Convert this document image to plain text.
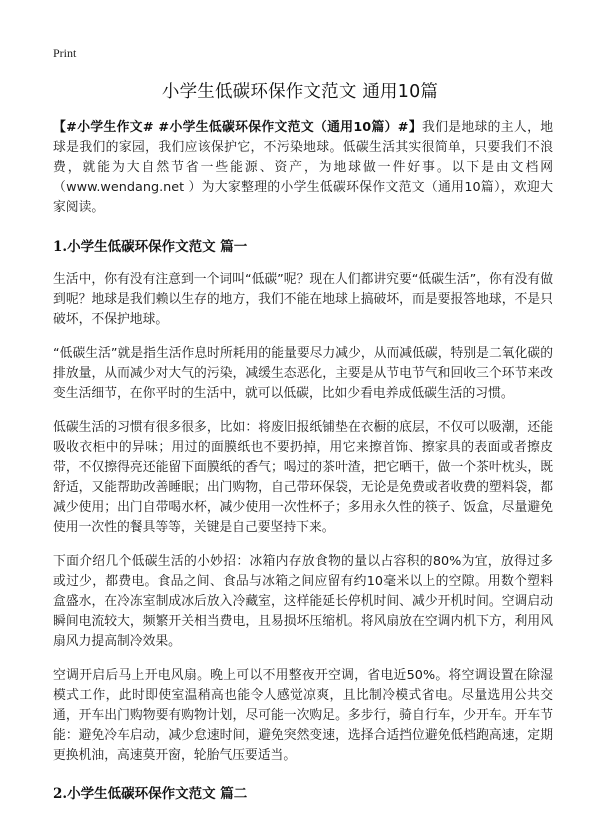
Print
小学生低碳环保作文范文 通用10篇

【#小学生作文# #小学生低碳环保作文范文（通用10篇）#】我们是地球的主人，地球是我们的家园，我们应该保护它，不污染地球。低碳生活其实很简单，只要我们不浪费，就能为大自然节省一些能源、资产，为地球做一件好事。以下是由文档网（www.wendang.net ）为大家整理的小学生低碳环保作文范文（通用10篇），欢迎大家阅读。

1.小学生低碳环保作文范文 篇一

生活中，你有没有注意到一个词叫“低碳”呢？现在人们都讲究要“低碳生活”，你有没有做到呢？地球是我们赖以生存的地方，我们不能在地球上搞破坏，而是要报答地球，不是只破坏，不保护地球。

“低碳生活”就是指生活作息时所耗用的能量要尽力减少，从而减低碳，特别是二氧化碳的排放量，从而减少对大气的污染，减缓生态恶化，主要是从节电节气和回收三个环节来改变生活细节，在你平时的生活中，就可以低碳，比如少看电养成低碳生活的习惯。

低碳生活的习惯有很多很多，比如：将废旧报纸铺垫在衣橱的底层，不仅可以吸潮，还能吸收衣柜中的异味；用过的面膜纸也不要扔掉，用它来擦首饰、擦家具的表面或者擦皮带，不仅擦得亮还能留下面膜纸的香气；喝过的茶叶渣，把它晒干，做一个茶叶枕头，既舒适，又能帮助改善睡眠；出门购物，自己带环保袋，无论是免费或者收费的塑料袋，都减少使用；出门自带喝水杯，减少使用一次性杯子；多用永久性的筷子、饭盒，尽量避免使用一次性的餐具等等，关键是自己要坚持下来。

下面介绍几个低碳生活的小妙招：冰箱内存放食物的量以占容积的80%为宜，放得过多或过少，都费电。食品之间、食品与冰箱之间应留有约10毫米以上的空隙。用数个塑料盒盛水，在冷冻室制成冰后放入冷藏室，这样能延长停机时间、减少开机时间。空调启动瞬间电流较大，频繁开关相当费电，且易损坏压缩机。将风扇放在空调内机下方，利用风扇风力提高制冷效果。

空调开启后马上开电风扇。晚上可以不用整夜开空调，省电近50%。将空调设置在除湿模式工作，此时即使室温稍高也能令人感觉凉爽，且比制冷模式省电。尽量选用公共交通，开车出门购物要有购物计划，尽可能一次购足。多步行，骑自行车，少开车。开车节能：避免冷车启动，减少怠速时间，避免突然变速，选择合适挡位避免低档跑高速，定期更换机油，高速莫开窗，轮胎气压要适当。

2.小学生低碳环保作文范文 篇二
